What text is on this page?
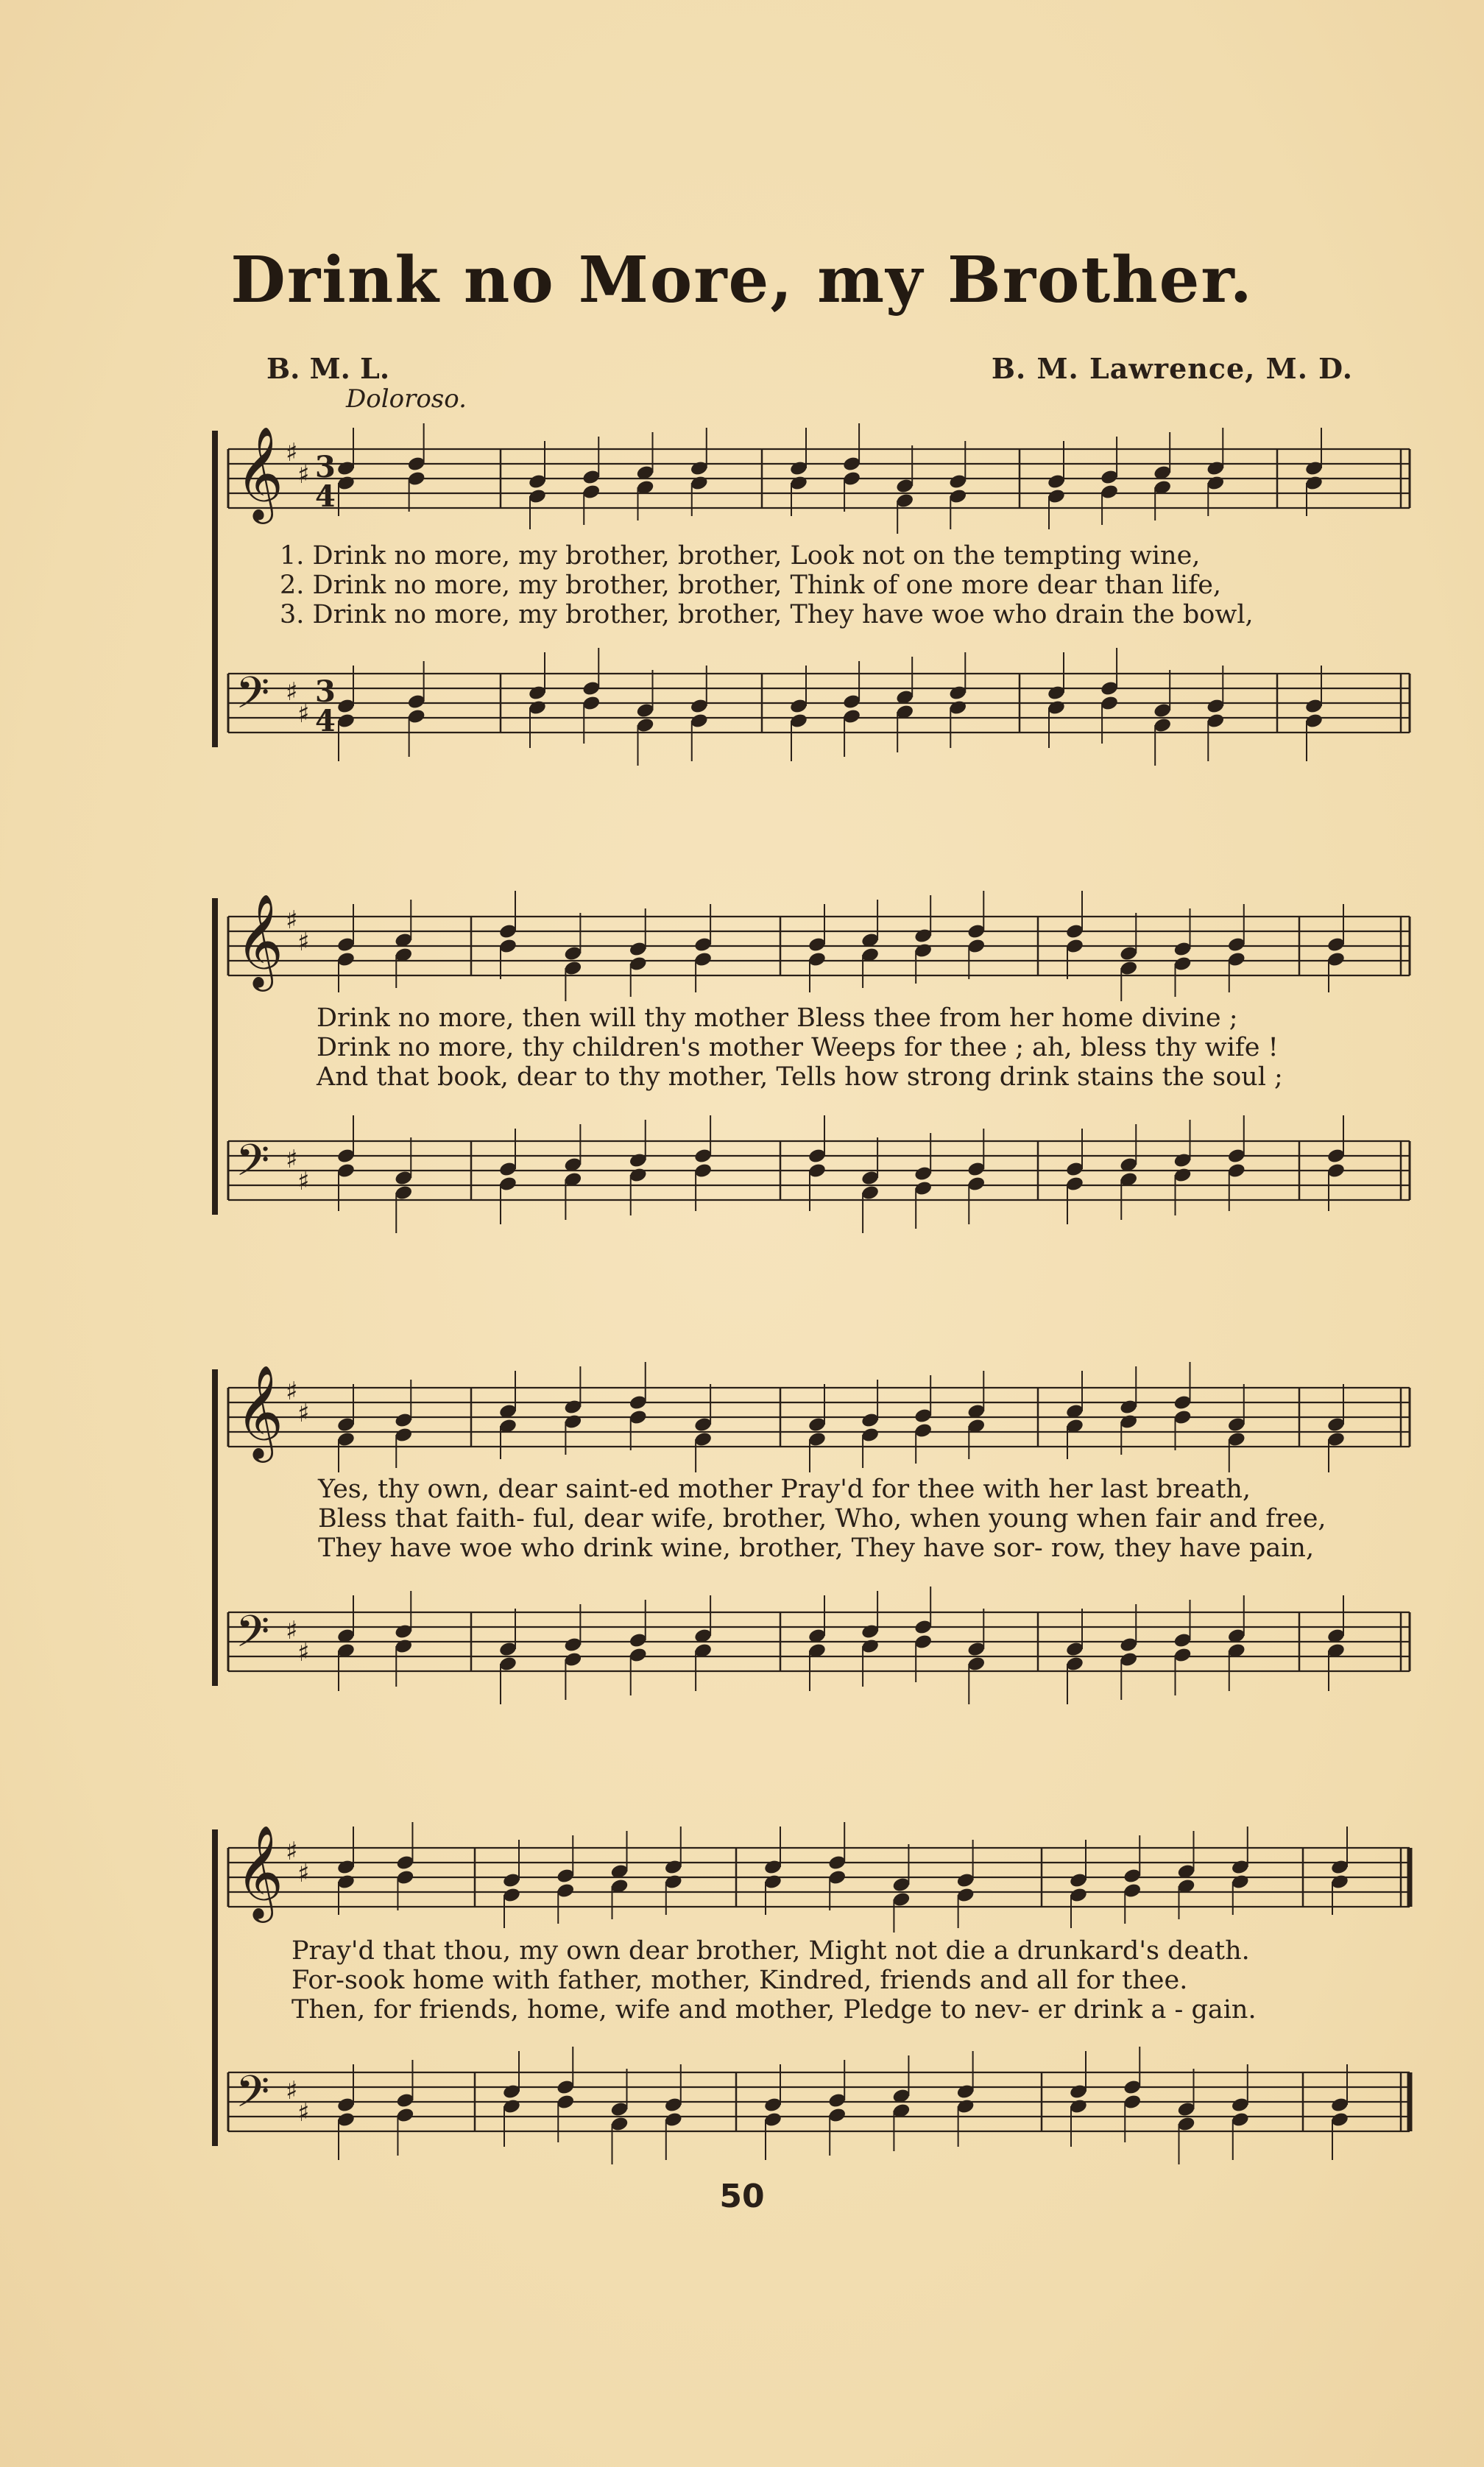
Drink no More, my Brother.
B. M. L.	B. M. Lawrence, M. D.
Doloroso.
𝄞 ♯
♯
𝄢 ♯
♯
3
4
3
4
1. Drink no more, my brother, brother, Look not on the tempting wine,
2. Drink no more, my brother, brother, Think of one more dear than life,
3. Drink no more, my brother, brother, They have woe who drain the bowl,
𝄞 ♯
♯
𝄢 ♯
♯
Drink no more, then will thy mother Bless thee from her home divine ;
Drink no more, thy children's mother Weeps for thee ; ah, bless thy wife !
And that book, dear to thy mother, Tells how strong drink stains the soul ;
𝄞 ♯
♯
𝄢 ♯
♯
Yes, thy own, dear saint-ed mother Pray'd for thee with her last breath,
Bless that faith- ful, dear wife, brother, Who, when young when fair and free,
They have woe who drink wine, brother, They have sor- row, they have pain,
𝄞 ♯
♯
𝄢 ♯
♯
Pray'd that thou, my own dear brother, Might not die a drunkard's death.
For-sook home with father, mother, Kindred, friends and all for thee.
Then, for friends, home, wife and mother, Pledge to nev- er drink a - gain.
50
